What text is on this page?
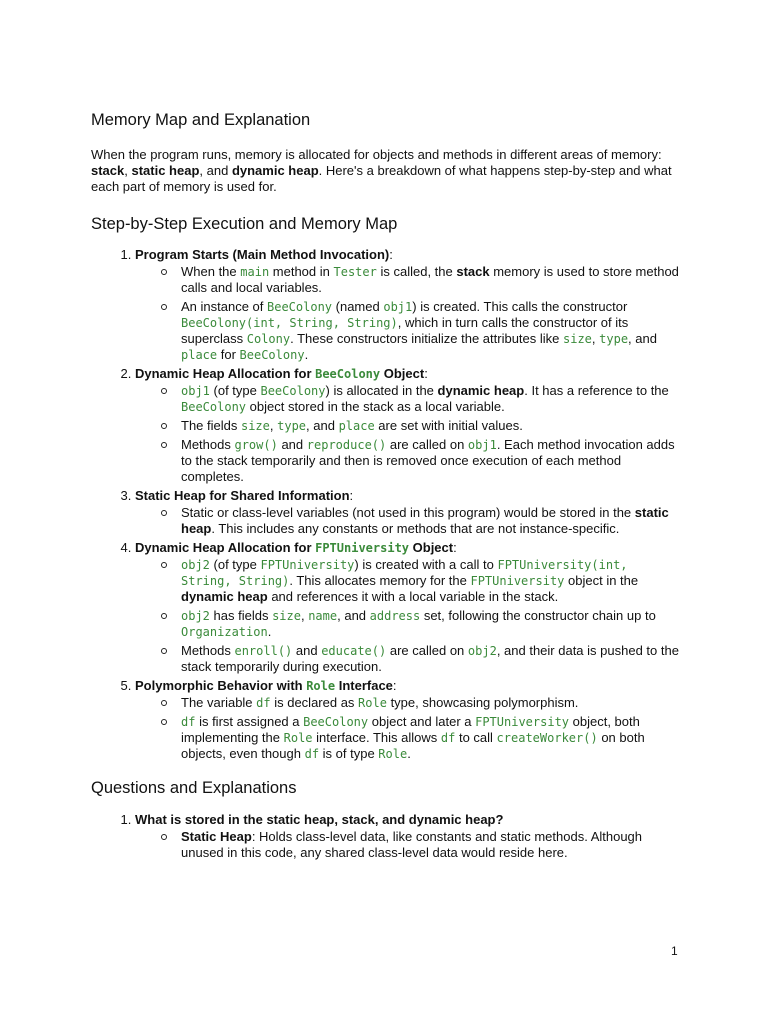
Memory Map and Explanation

When the program runs, memory is allocated for objects and methods in different areas of memory: stack, static heap, and dynamic heap. Here's a breakdown of what happens step-by-step and what each part of memory is used for.

Step-by-Step Execution and Memory Map
1. Program Starts (Main Method Invocation):
When the main method in Tester is called, the stack memory is used to store method calls and local variables.
An instance of BeeColony (named obj1) is created. This calls the constructor BeeColony(int, String, String), which in turn calls the constructor of its superclass Colony. These constructors initialize the attributes like size, type, and place for BeeColony.
2. Dynamic Heap Allocation for BeeColony Object:
obj1 (of type BeeColony) is allocated in the dynamic heap. It has a reference to the BeeColony object stored in the stack as a local variable.
The fields size, type, and place are set with initial values.
Methods grow() and reproduce() are called on obj1. Each method invocation adds to the stack temporarily and then is removed once execution of each method completes.
3. Static Heap for Shared Information:
Static or class-level variables (not used in this program) would be stored in the static heap. This includes any constants or methods that are not instance-specific.
4. Dynamic Heap Allocation for FPTUniversity Object:
obj2 (of type FPTUniversity) is created with a call to FPTUniversity(int, String, String). This allocates memory for the FPTUniversity object in the dynamic heap and references it with a local variable in the stack.
obj2 has fields size, name, and address set, following the constructor chain up to Organization.
Methods enroll() and educate() are called on obj2, and their data is pushed to the stack temporarily during execution.
5. Polymorphic Behavior with Role Interface:
The variable df is declared as Role type, showcasing polymorphism.
df is first assigned a BeeColony object and later a FPTUniversity object, both implementing the Role interface. This allows df to call createWorker() on both objects, even though df is of type Role.
Questions and Explanations
1. What is stored in the static heap, stack, and dynamic heap?
Static Heap: Holds class-level data, like constants and static methods. Although unused in this code, any shared class-level data would reside here.
1
